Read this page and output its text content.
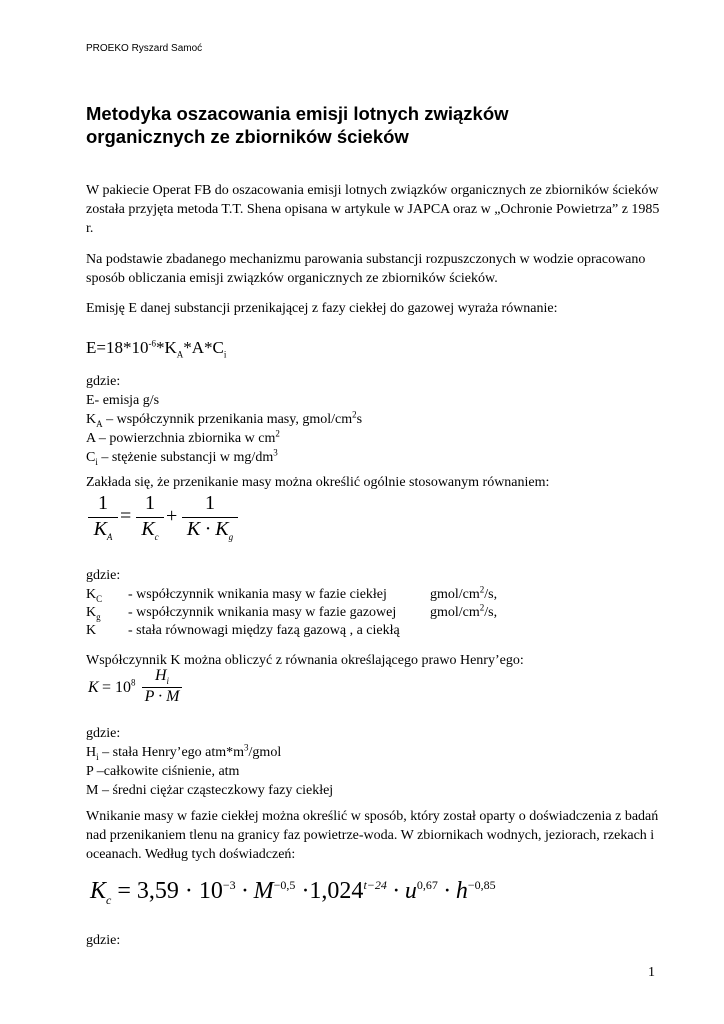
PROEKO Ryszard Samoć
Metodyka oszacowania emisji lotnych związków
organicznych ze zbiorników ścieków
W pakiecie Operat FB do oszacowania emisji lotnych związków organicznych ze zbiorników ścieków została przyjęta metoda T.T. Shena opisana w artykule w JAPCA oraz w „Ochronie Powietrza” z 1985 r.
Na podstawie zbadanego mechanizmu parowania substancji rozpuszczonych w wodzie opracowano sposób obliczania emisji związków organicznych ze zbiorników ścieków.
Emisję E danej substancji przenikającej z fazy ciekłej do gazowej wyraża równanie:
$E=18*10^{-6}*K_A*A*C_i$
gdzie:
E- emisja g/s
$K_A$ – współczynnik przenikania masy, gmol/$cm^2s$
A – powierzchnia zbiornika w $cm^2$
$C_i$ – stężenie substancji w $mg/dm^3$
Zakłada się, że przenikanie masy można określić ogólnie stosowanym równaniem:
1
$K_A$
=
1
$K_c$
+
1
$K \cdot K_g$
gdzie:
$K_C$ - współczynnik wnikania masy w fazie ciekłej	gmol/$cm^2/s$,
$K_g$ - współczynnik wnikania masy w fazie gazowej gmol/$cm^2/s$,
K - stała równowagi między fazą gazową , a ciekłą
Współczynnik K można obliczyć z równania określającego prawo Henry’ego:
$K = 10^8$	$H_i$
P · M
gdzie:
$H_i$ – stała Henry’ego $atm*m^3$/gmol
P –całkowite ciśnienie, atm
M – średni ciężar cząsteczkowy fazy ciekłej
Wnikanie masy w fazie ciekłej można określić w sposób, który został oparty o doświadczenia z badań nad przenikaniem tlenu na granicy faz powietrze-woda. W zbiornikach wodnych, jeziorach, rzekach i oceanach. Według tych doświadczeń:
$K_c = 3,59 \cdot 10^{-3} \cdot M^{-0,5} \cdot 1,024^{t-24} \cdot u^{0,67} \cdot h^{-0,85}$
gdzie:
1
